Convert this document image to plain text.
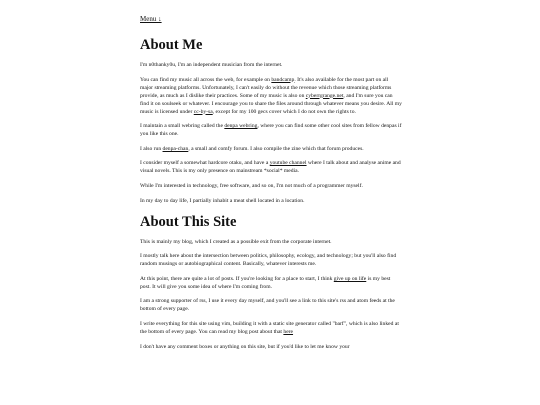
Menu ↓
About Me

I'm n0thanky0u, I'm an independent musician from the internet.

You can find my music all across the web, for example on bandcamp. It's also available for the most part on all major streaming platforms. Unfortunately, I can't easily do without the revenue which those streaming platforms provide, as much as I dislike their practices. Some of my music is also on cyberrgrange.net, and I'm sure you can find it on soulseek or whatever. I encourage you to share the files around through whatever means you desire. All my music is licensed under cc-by-sa, except for my 100 gecs cover which I do not own the rights to.

I maintain a small webring called the denpa webring, where you can find some other cool sites from fellow denpas if you like this one.

I also run denpa-chan, a small and comfy forum. I also compile the zine which that forum produces.

I consider myself a somewhat hardcore otaku, and have a youtube channel where I talk about and analyse anime and visual novels. This is my only presence on mainstream *social* media.

While I'm interested in technology, free software, and so on, I'm not much of a programmer myself.

In my day to day life, I partially inhabit a meat shell located in a location.

About This Site

This is mainly my blog, which I created as a possible exit from the corporate internet.

I mostly talk here about the intersection between politics, philosophy, ecology, and technology; but you'll also find random musings or autobiographical content. Basically, whatever interests me.

At this point, there are quite a lot of posts. If you're looking for a place to start, I think give up on life is my best post. It will give you some idea of where I'm coming from.

I am a strong supporter of rss, I use it every day myself, and you'll see a link to this site's rss and atom feeds at the bottom of every page.

I write everything for this site using vim, building it with a static site generator called "barf", which is also linked at the bottom of every page. You can read my blog post about that here

I don't have any comment boxes or anything on this site, but if you'd like to let me know your
